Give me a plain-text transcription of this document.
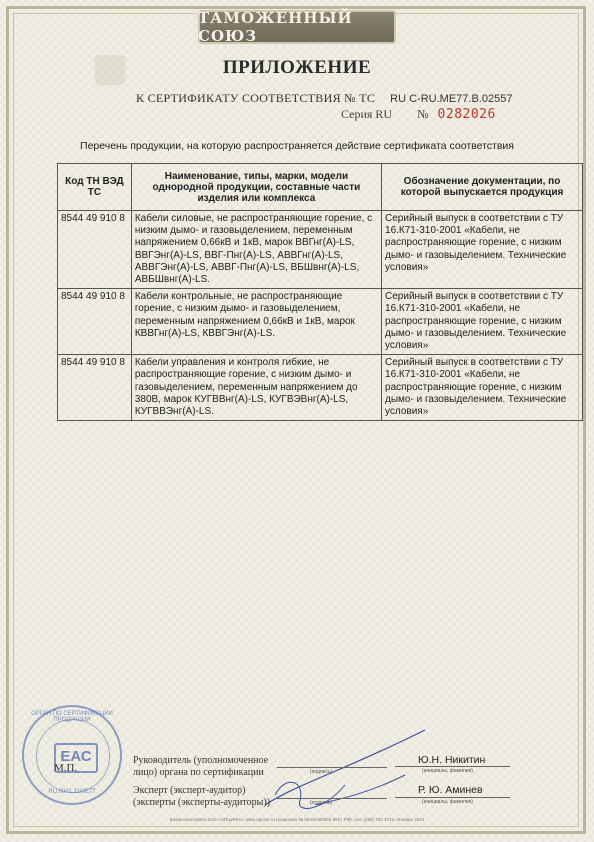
ТАМОЖЕННЫЙ СОЮЗ
ПРИЛОЖЕНИЕ
К СЕРТИФИКАТУ СООТВЕТСТВИЯ № ТС RU C-RU.ME77.B.02557
Серия RU № 0282026
Перечень продукции, на которую распространяется действие сертификата соответствия
Код ТН ВЭД ТС	Наименование, типы, марки, модели однородной продукции, составные части изделия или комплекса	Обозначение документации, по которой выпускается продукция
8544 49 910 8	Кабели силовые, не распространяющие горение, с низким дымо- и газовыделением, переменным напряжением 0,66кВ и 1кВ, марок ВВГнг(А)-LS, ВВГЭнг(А)-LS, ВВГ-Пнг(А)-LS, АВВГнг(А)-LS, АВВГЭнг(А)-LS, АВВГ-Пнг(А)-LS, ВБШвнг(А)-LS, АВБШвнг(А)-LS.	Серийный выпуск в соответствии с ТУ 16.К71-310-2001 «Кабели, не распространяющие горение, с низким дымо- и газовыделением. Технические условия»
8544 49 910 8	Кабели контрольные, не распространяющие горение, с низким дымо- и газовыделением, переменным напряжением 0,66кВ и 1кВ, марок КВВГнг(А)-LS, КВВГЭнг(А)-LS.	Серийный выпуск в соответствии с ТУ 16.К71-310-2001 «Кабели, не распространяющие горение, с низким дымо- и газовыделением. Технические условия»
8544 49 910 8	Кабели управления и контроля гибкие, не распространяющие горение, с низким дымо- и газовыделением, переменным напряжением до 380В, марок КУГВВнг(А)-LS, КУГВЭВнг(А)-LS, КУГВВЭнг(А)-LS.	Серийный выпуск в соответствии с ТУ 16.К71-310-2001 «Кабели, не распространяющие горение, с низким дымо- и газовыделением. Технические условия»
ОРГАН ПО СЕРТИФИКАЦИИ ПРОДУКЦИИ
ЕАС
RU.0001.11ME77
М.П.
Руководитель (уполномоченное лицо) органа по сертификации	(подпись)
Ю.Н. Никитин
(инициалы, фамилия)
Эксперт (эксперт-аудитор) (эксперты (эксперты-аудиторы))	(подпись)
Р. Ю. Аминев
(инициалы, фамилия)
Бланк изготовлен ЗАО «ОПЦИОН», www.opcion.ru (лицензия № 05-05-09/003 ФНС РФ), тел. (495) 726 4742, Москва, 2013
